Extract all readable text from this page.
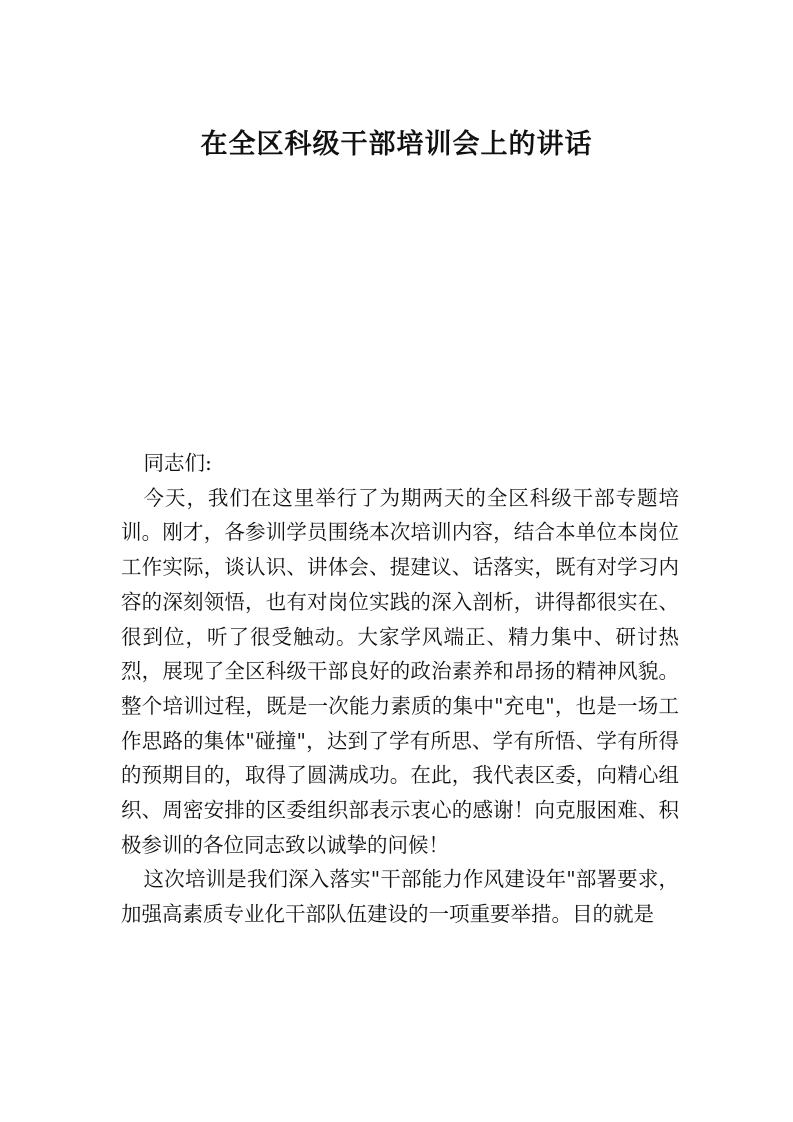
在全区科级干部培训会上的讲话

同志们:

今天，我们在这里举行了为期两天的全区科级干部专题培训。刚才，各参训学员围绕本次培训内容，结合本单位本岗位工作实际，谈认识、讲体会、提建议、话落实，既有对学习内容的深刻领悟，也有对岗位实践的深入剖析，讲得都很实在、很到位，听了很受触动。大家学风端正、精力集中、研讨热烈，展现了全区科级干部良好的政治素养和昂扬的精神风貌。整个培训过程，既是一次能力素质的集中"充电"，也是一场工作思路的集体"碰撞"，达到了学有所思、学有所悟、学有所得的预期目的，取得了圆满成功。在此，我代表区委，向精心组织、周密安排的区委组织部表示衷心的感谢！向克服困难、积极参训的各位同志致以诚挚的问候！

这次培训是我们深入落实"干部能力作风建设年"部署要求，加强高素质专业化干部队伍建设的一项重要举措。目的就是
